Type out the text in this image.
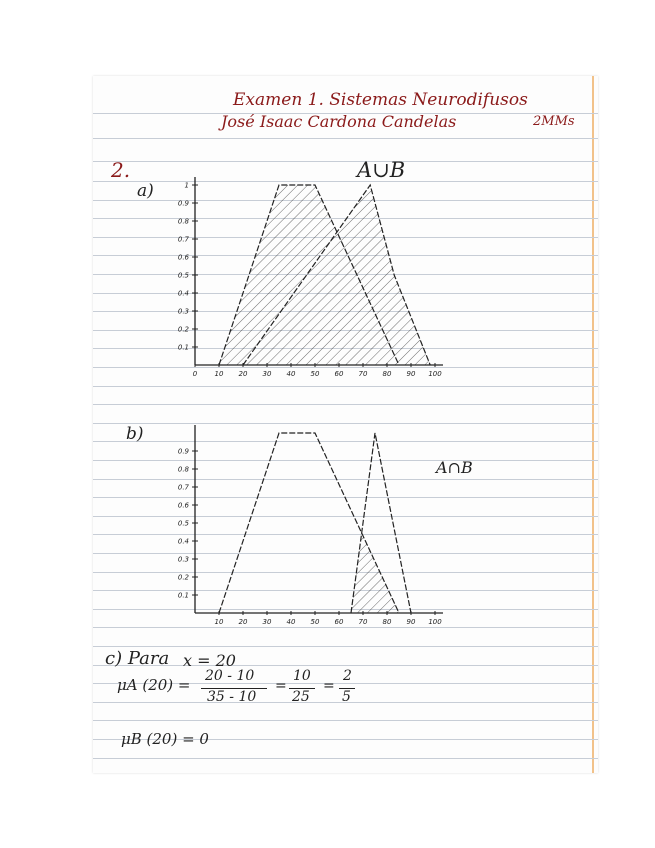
Examen 1. Sistemas Neurodifusos
José Isaac Cardona Candelas	2MMs
2.
a)
A∪B
0.1
0.2
0.3
0.4
0.5
0.6
0.7
0.8
0.9
1
0 10 20 30 40 50 60 70 80 90 100
b)
A∩B
0.1
0.2
0.3
0.4
0.5
0.6
0.7
0.8
0.9
10 20 30 40 50 60 70 80 90 100
c) Para x = 20
μA (20) = 20 - 10
35 - 10
=
10
25
=
2
5
μB (20) = 0
